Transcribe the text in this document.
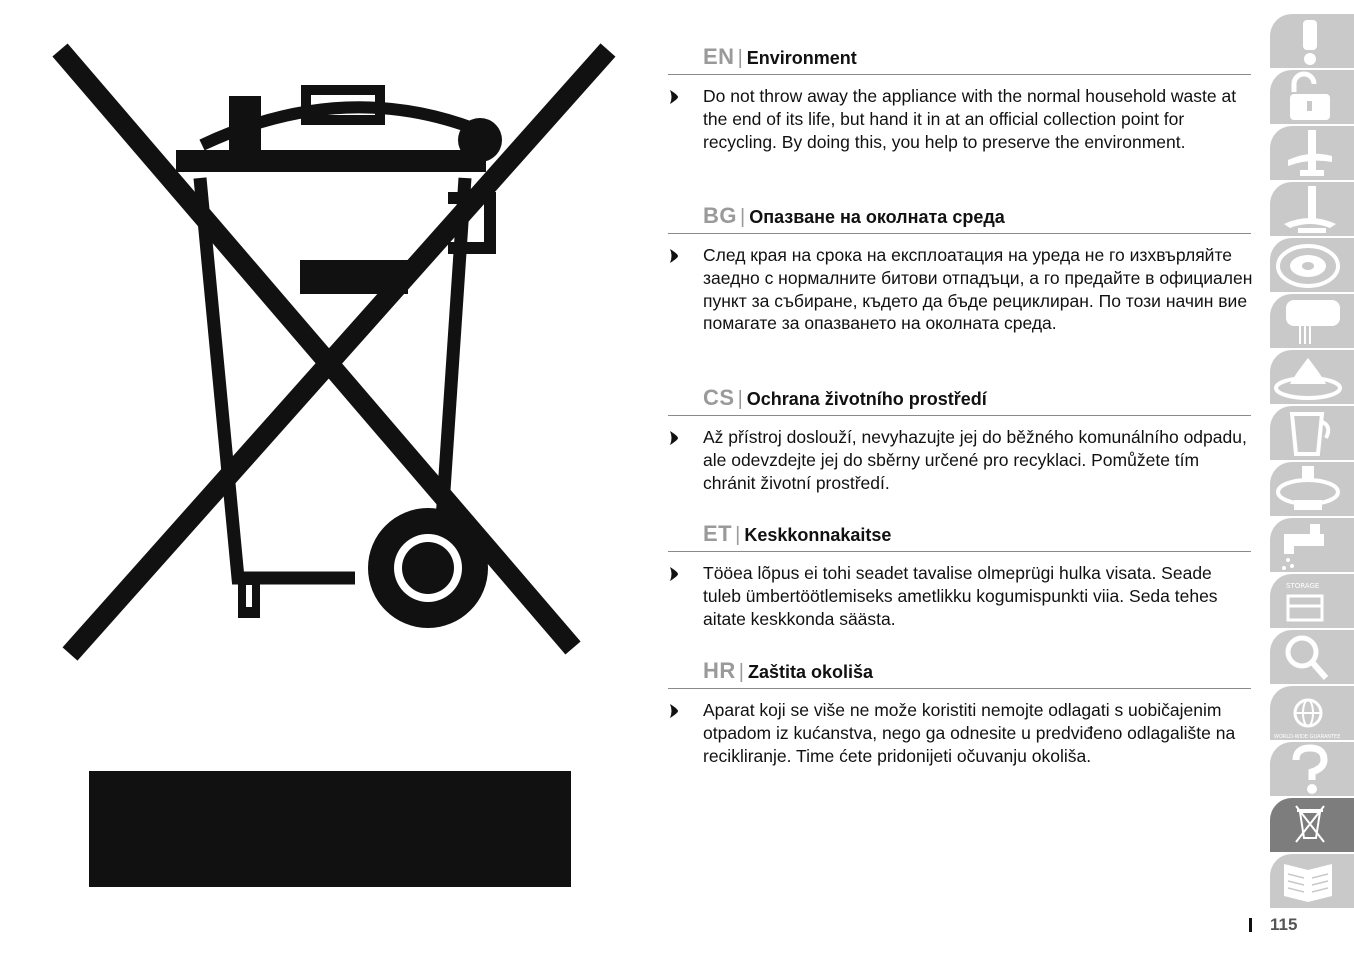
EN | Environment

Do not throw away the appliance with the normal household waste at the end of its life, but hand it in at an official collection point for recycling. By doing this, you help to preserve the environment.

BG | Опазване на околната среда

След края на срока на експлоатация на уреда не го изхвърляйте заедно с нормалните битови отпадъци, а го предайте в официален пункт за събиране, където да бъде рециклиран. По този начин вие помагате за опазването на околната среда.

CS | Ochrana životního prostředí

Až přístroj doslouží, nevyhazujte jej do běžného komunálního odpadu, ale odevzdejte jej do sběrny určené pro recyklaci. Pomůžete tím chránit životní prostředí.

ET | Keskkonnakaitse

Tööea lõpus ei tohi seadet tavalise olmeprügi hulka visata. Seade tuleb ümbertöötlemiseks ametlikku kogumispunkti viia. Seda tehes aitate keskkonda säästa.

HR | Zaštita okoliša

Aparat koji se više ne može koristiti nemojte odlagati s uobičajenim otpadom iz kućanstva, nego ga odnesite u predviđeno odlagalište na recikliranje. Time ćete pridonijeti očuvanju okoliša.

STORAGE
WORLD-WIDE GUARANTEE
115
